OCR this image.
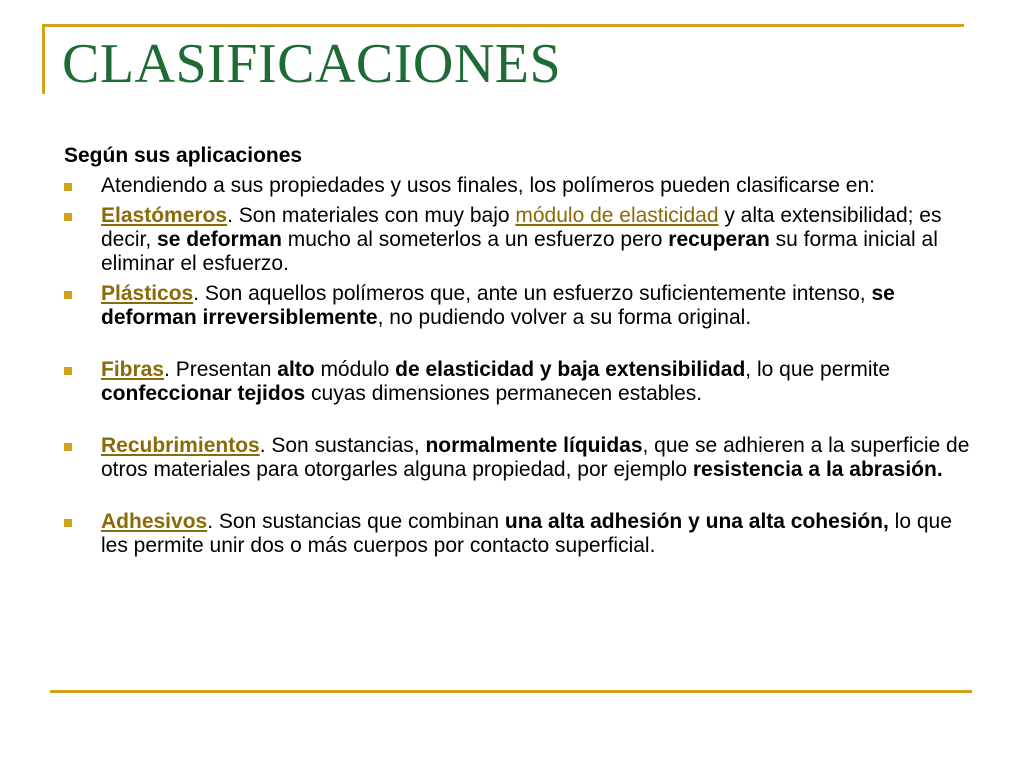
CLASIFICACIONES
Según sus aplicaciones
Atendiendo a sus propiedades y usos finales, los polímeros pueden clasificarse en:
Elastómeros. Son materiales con muy bajo módulo de elasticidad y alta extensibilidad; es decir, se deforman mucho al someterlos a un esfuerzo pero recuperan su forma inicial al eliminar el esfuerzo.
Plásticos. Son aquellos polímeros que, ante un esfuerzo suficientemente intenso, se deforman irreversiblemente, no pudiendo volver a su forma original.
Fibras. Presentan alto módulo de elasticidad y baja extensibilidad, lo que permite confeccionar tejidos cuyas dimensiones permanecen estables.
Recubrimientos. Son sustancias, normalmente líquidas, que se adhieren a la superficie de otros materiales para otorgarles alguna propiedad, por ejemplo resistencia a la abrasión.
Adhesivos. Son sustancias que combinan una alta adhesión y una alta cohesión, lo que les permite unir dos o más cuerpos por contacto superficial.
